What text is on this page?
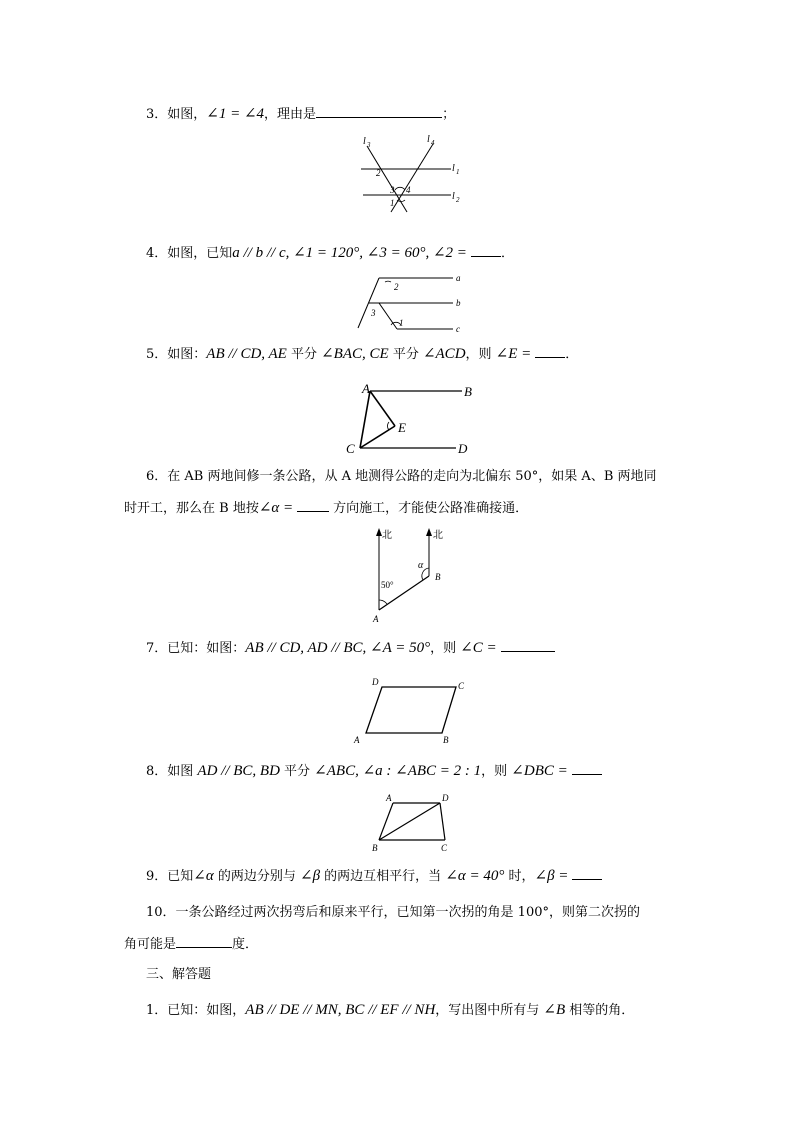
3．如图，∠1 = ∠4，理由是	；
l 3	l 4
l 1
l 2
2
3 4
1
4．如图，已知a // b // c, ∠1 = 120°, ∠3 = 60°, ∠2 =	．
a
b
c
2
3
1
5．如图：AB // CD, AE 平分 ∠BAC, CE 平分 ∠ACD，则 ∠E =	．
A	B
C	D
E
6．在 AB 两地间修一条公路，从 A 地测得公路的走向为北偏东 50°，如果 A、B 两地同
时开工，那么在 B 地按∠α =	方向施工，才能使公路准确接通．
北	北
50°
α
A
B
7．已知：如图：AB // CD, AD // BC, ∠A = 50°，则 ∠C =
D	C
A	B
8．如图 AD // BC, BD 平分 ∠ABC, ∠a : ∠ABC = 2 : 1，则 ∠DBC =
A	D
B	C
9．已知∠α 的两边分别与 ∠β 的两边互相平行，当 ∠α = 40° 时，∠β =
10．一条公路经过两次拐弯后和原来平行，已知第一次拐的角是 100°，则第二次拐的
角可能是	度．
三、解答题
1．已知：如图，AB // DE // MN, BC // EF // NH，写出图中所有与 ∠B 相等的角．
